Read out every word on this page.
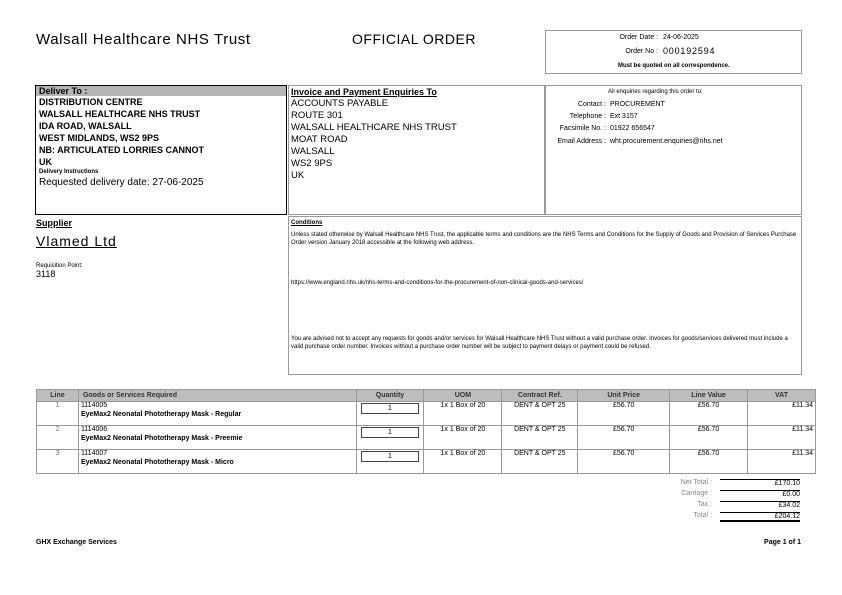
Walsall Healthcare NHS Trust	OFFICIAL ORDER	Order Date : 24-06-2025
Order No : 000192594
Must be quoted on all correspondence.
Deliver To :
DISTRIBUTION CENTRE
WALSALL HEALTHCARE NHS TRUST
IDA ROAD, WALSALL
WEST MIDLANDS, WS2 9PS
NB: ARTICULATED LORRIES CANNOT
UK
Delivery Instructions
Requested delivery date: 27-06-2025
Invoice and Payment Enquiries To
ACCOUNTS PAYABLE
ROUTE 301
WALSALL HEALTHCARE NHS TRUST
MOAT ROAD
WALSALL
WS2 9PS
UK
All enquiries regarding this order to:
Contact : PROCUREMENT
Telephone : Ext 3157
Facsimile No. : 01922 656547
Email Address : wht.procurement.enquiries@nhs.net
Supplier
Vlamed Ltd
Requisition Point:
3118
Conditions
Unless stated otherwise by Walsall Healthcare NHS Trust, the applicable terms and conditions are the NHS Terms and Conditions for the Supply of Goods and Provision of Services Purchase Order version January 2018 accessible at the following web address.
https://www.england.nhs.uk/nhs-terms-and-conditions-for-the-procurement-of-non-clinical-goods-and-services/
You are advised not to accept any requests for goods and/or services for Walsall Healthcare NHS Trust without a valid purchase order. Invoices for goods/services delivered must include a valid purchase order number. Invoices without a purchase order number will be subject to payment delays or payment could be refused.
Line	Goods or Services Required	Quantity	UOM	Contract Ref.	Unit Price	Line Value	VAT
1	1114005
EyeMax2 Neonatal Phototherapy Mask - Regular	1	1x 1 Box of 20	DENT & OPT 25	£56.70	£56.70	£11.34
2	1114006
EyeMax2 Neonatal Phototherapy Mask - Preemie	1	1x 1 Box of 20	DENT & OPT 25	£56.70	£56.70	£11.34
3	1114007
EyeMax2 Neonatal Phototherapy Mask - Micro	1	1x 1 Box of 20	DENT & OPT 25	£56.70	£56.70	£11.34
Net Total :	£170.10
Carriage :	£0.00
Tax :	£34.02
Total :	£204.12
GHX Exchange Services	Page 1 of 1
